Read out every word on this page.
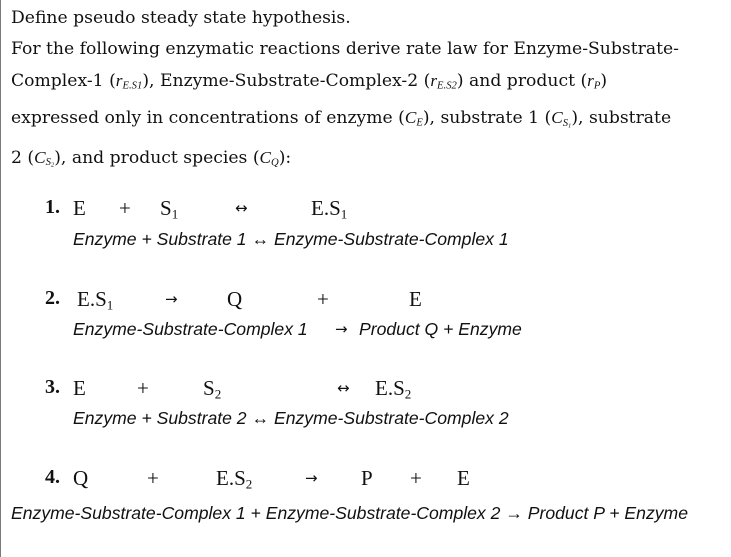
Define pseudo steady state hypothesis.

For the following enzymatic reactions derive rate law for Enzyme-Substrate-

Complex-1 $(r_{E.S1})$, Enzyme-Substrate-Complex-2 $(r_{E.S2})$ and product $(r_P)$

expressed only in concentrations of enzyme $(C_E)$, substrate 1 $(C_{S_1})$, substrate

2 $(C_{S_2})$, and product species $(C_Q)$:

1. $E + S_1$	↔	$E.S_1$
Enzyme + Substrate 1 ↔ Enzyme-Substrate-Complex 1
2. $E.S_1$	→ Q	+	E
Enzyme-Substrate-Complex 1 → Product Q + Enzyme
3. E +	$S_2$	↔ $E.S_2$
Enzyme + Substrate 2 ↔ Enzyme-Substrate-Complex 2
4. Q	+	$E.S_2$	→ P + E
Enzyme-Substrate-Complex 1 + Enzyme-Substrate-Complex 2 → Product P + Enzyme
